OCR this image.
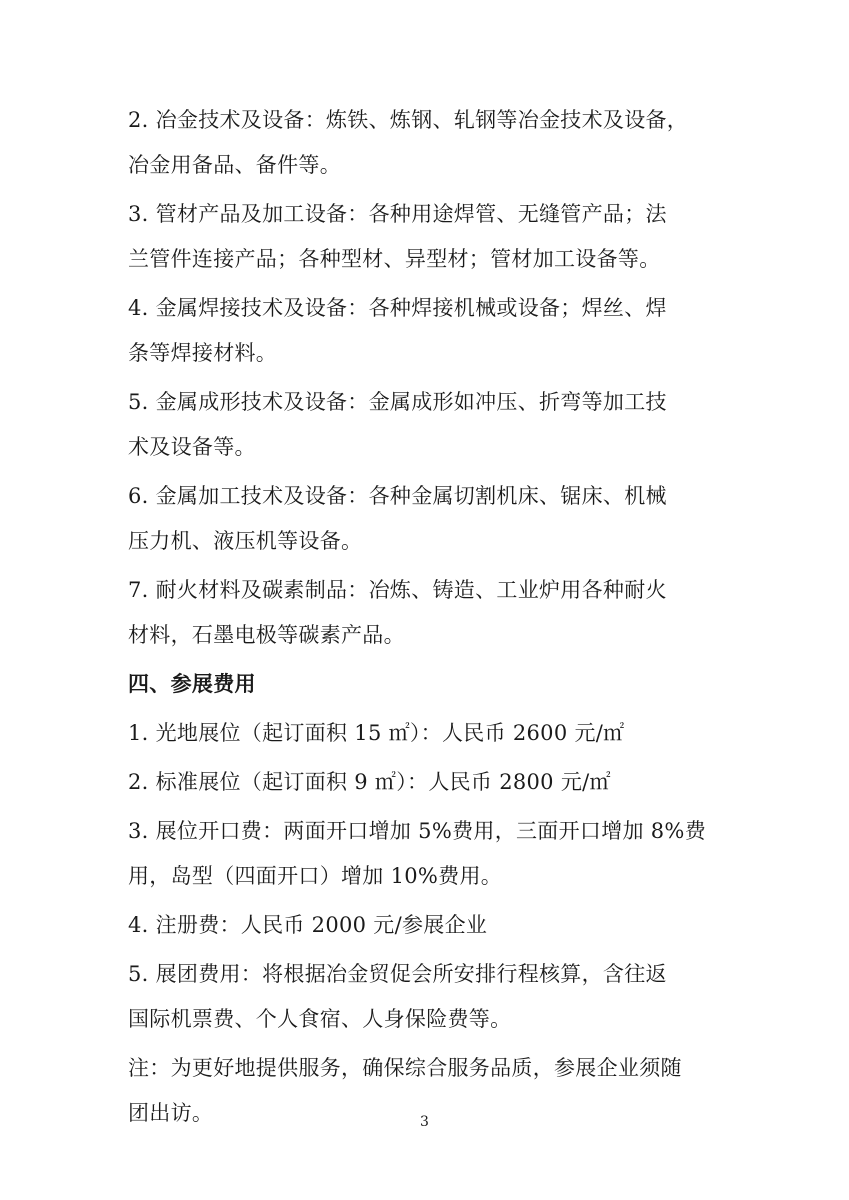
2. 冶金技术及设备：炼铁、炼钢、轧钢等冶金技术及设备，
冶金用备品、备件等。
3. 管材产品及加工设备：各种用途焊管、无缝管产品；法
兰管件连接产品；各种型材、异型材；管材加工设备等。
4. 金属焊接技术及设备：各种焊接机械或设备；焊丝、焊
条等焊接材料。
5. 金属成形技术及设备：金属成形如冲压、折弯等加工技
术及设备等。
6. 金属加工技术及设备：各种金属切割机床、锯床、机械
压力机、液压机等设备。
7. 耐火材料及碳素制品：冶炼、铸造、工业炉用各种耐火
材料，石墨电极等碳素产品。
四、参展费用
1. 光地展位（起订面积 15 ㎡）：人民币 2600 元/㎡
2. 标准展位（起订面积 9 ㎡）：人民币 2800 元/㎡
3. 展位开口费：两面开口增加 5%费用，三面开口增加 8%费
用，岛型（四面开口）增加 10%费用。
4. 注册费：人民币 2000 元/参展企业
5. 展团费用：将根据冶金贸促会所安排行程核算，含往返
国际机票费、个人食宿、人身保险费等。
注：为更好地提供服务，确保综合服务品质，参展企业须随
团出访。	3
